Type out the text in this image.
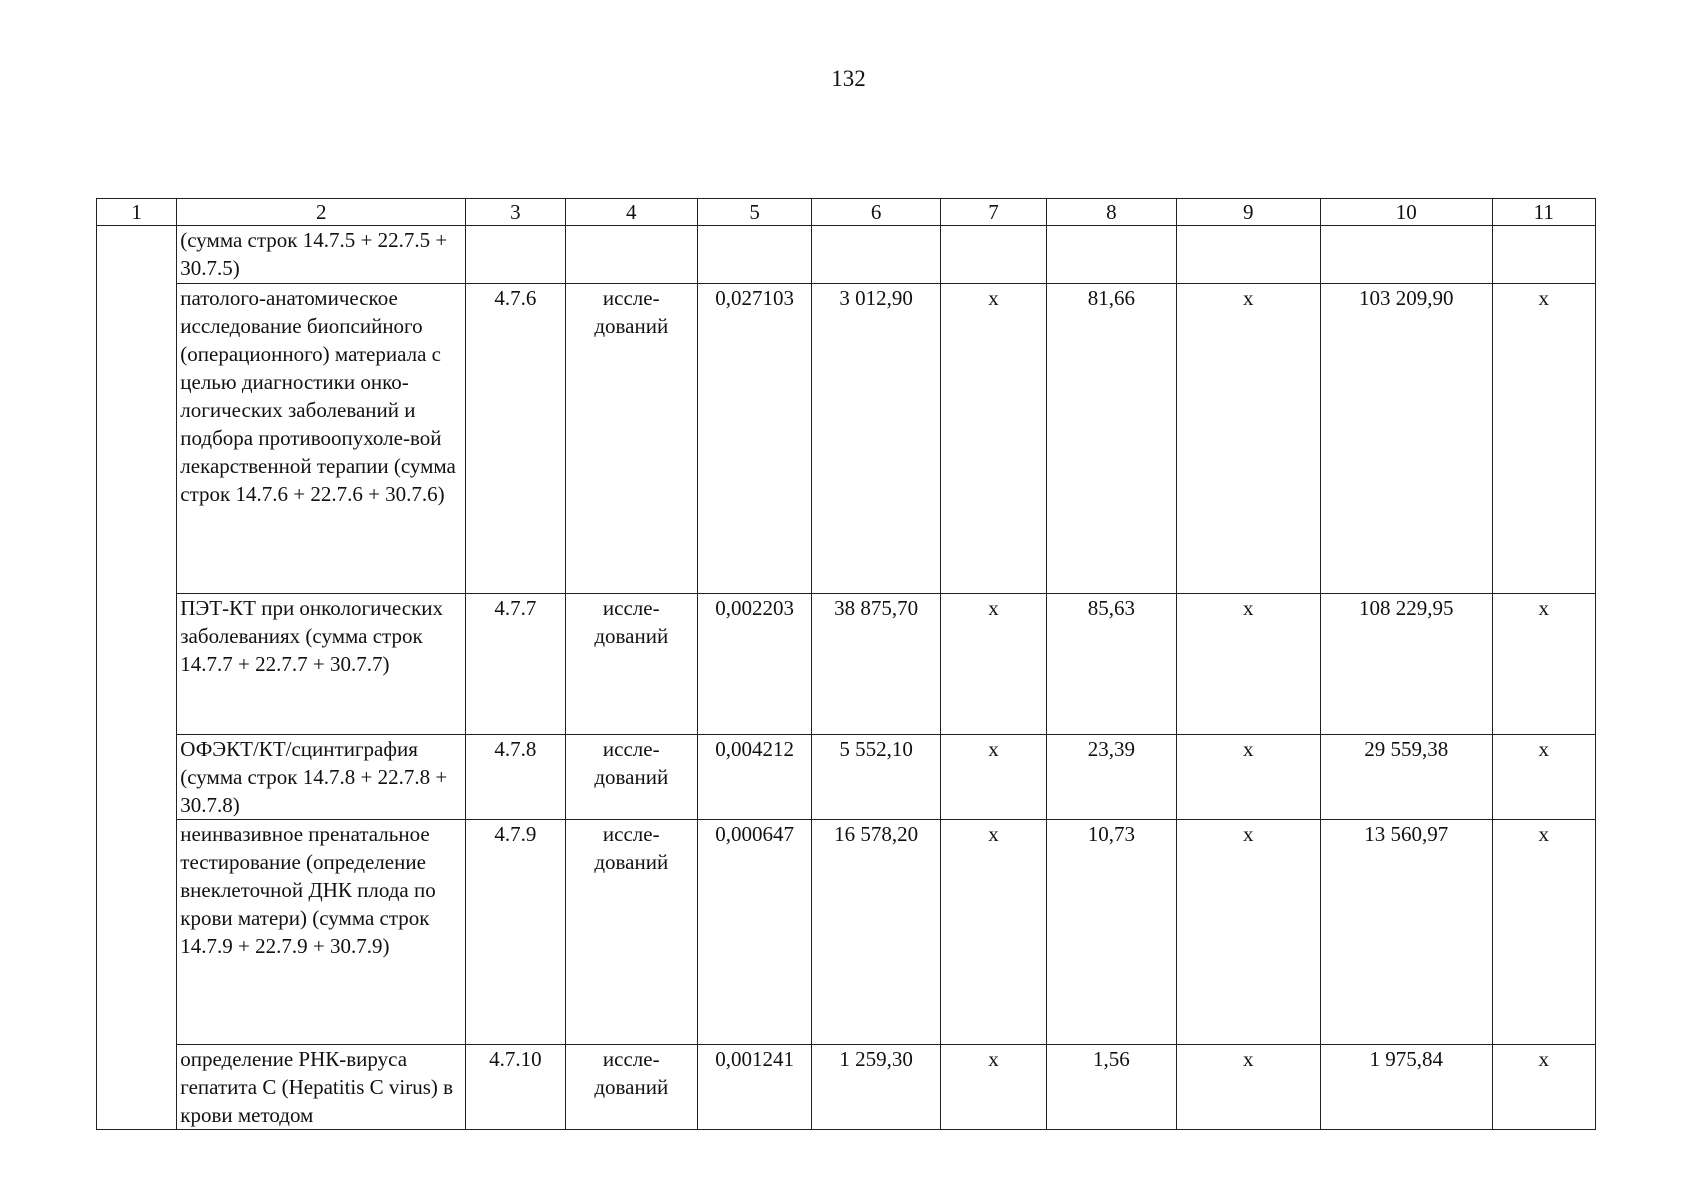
132
1	2	3	4	5	6	7	8	9	10	11
	(сумма строк 14.7.5 + 22.7.5 + 30.7.5)									
	патолого-анатомическое исследование биопсийного (операционного) материала с целью диагностики онко-логических заболеваний и подбора противоопухоле-вой лекарственной терапии (сумма строк 14.7.6 + 22.7.6 + 30.7.6)	4.7.6	иссле-дований	0,027103	3 012,90	х	81,66	х	103 209,90	х
	ПЭТ-КТ при онкологических заболеваниях (сумма строк 14.7.7 + 22.7.7 + 30.7.7)	4.7.7	иссле-дований	0,002203	38 875,70	х	85,63	х	108 229,95	х
	ОФЭКТ/КТ/сцинтиграфия (сумма строк 14.7.8 + 22.7.8 + 30.7.8)	4.7.8	иссле-дований	0,004212	5 552,10	х	23,39	х	29 559,38	х
	неинвазивное пренатальное тестирование (определение внеклеточной ДНК плода по крови матери) (сумма строк 14.7.9 + 22.7.9 + 30.7.9)	4.7.9	иссле-дований	0,000647	16 578,20	х	10,73	х	13 560,97	х
	определение РНК-вируса гепатита С (Hepatitis C virus) в крови методом	4.7.10	иссле-дований	0,001241	1 259,30	х	1,56	х	1 975,84	х
